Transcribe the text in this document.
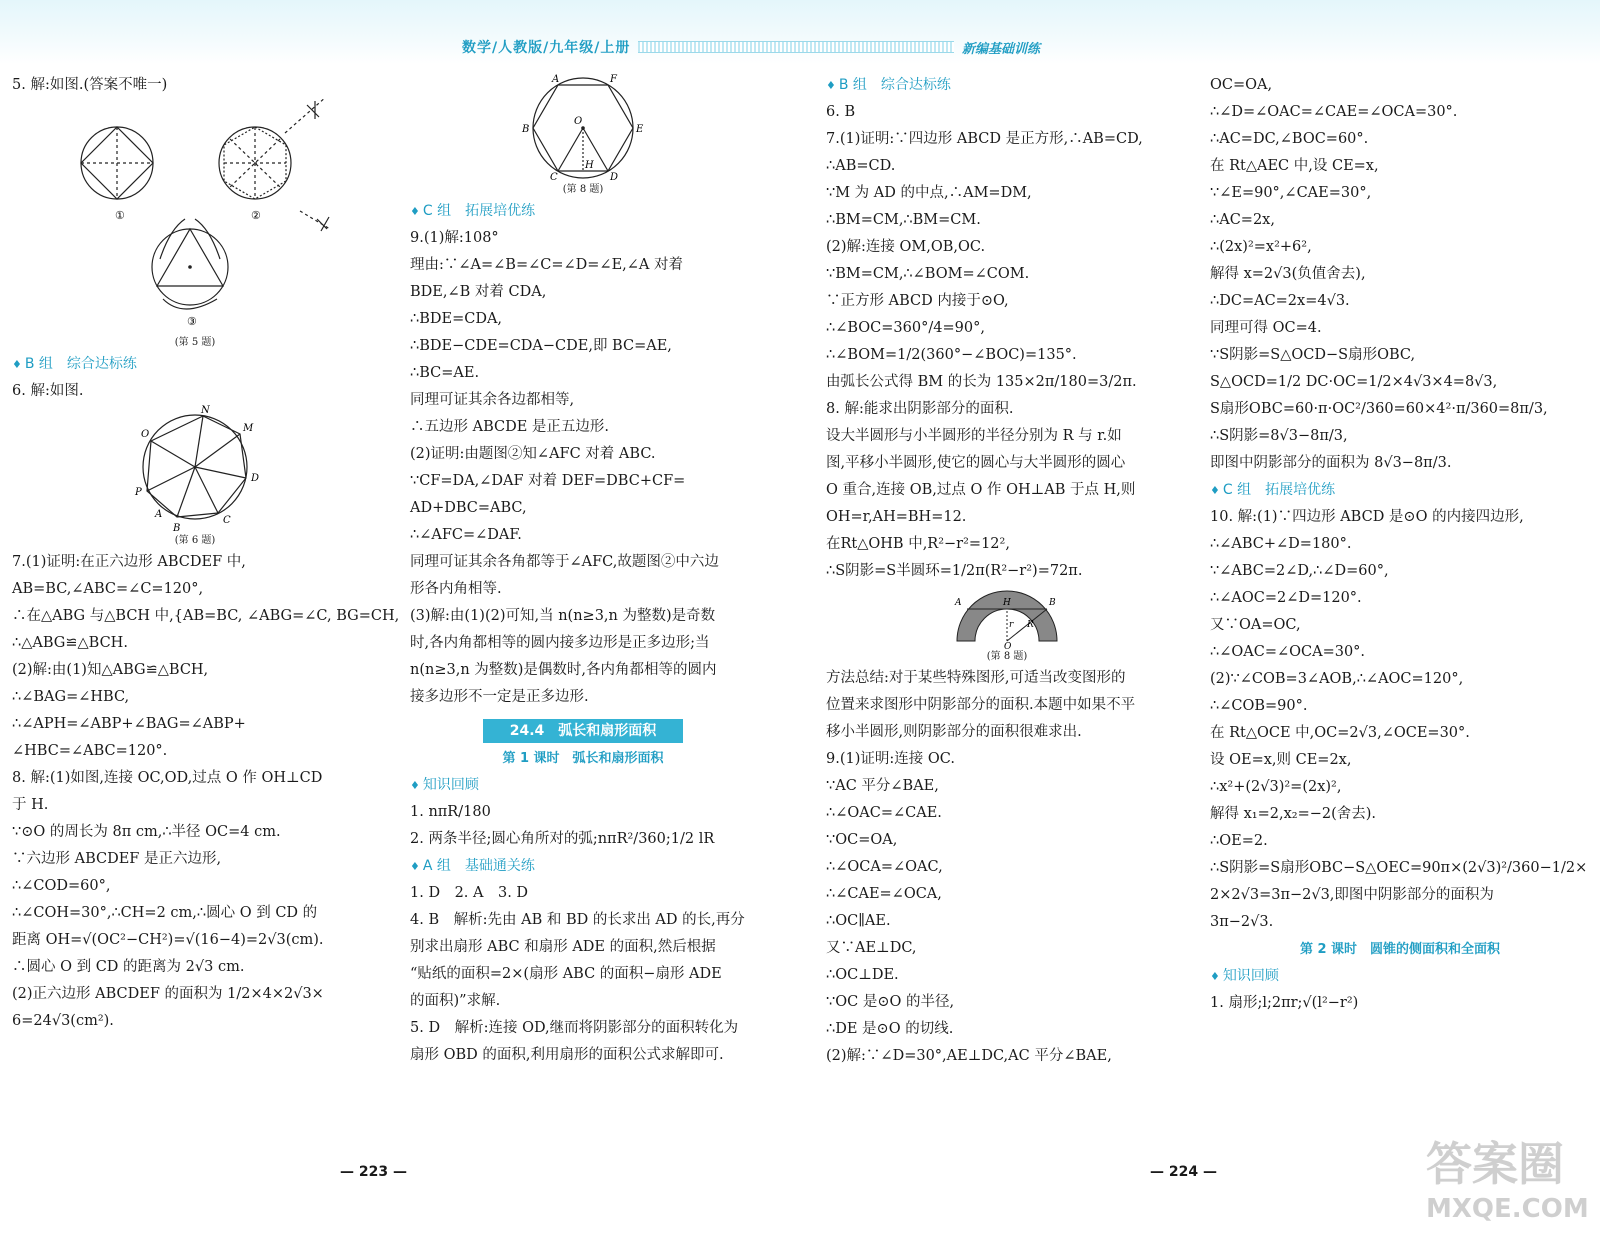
数学/人教版/九年级/上册	新编基础训练

5. 解:如图.(答案不唯一)

①	②
③

(第 5 题)

♦ B 组　综合达标练

6. 解:如图.

N
M
O
D
P
C
A
B

(第 6 题)

7.(1)证明:在正六边形 ABCDEF 中,

AB=BC,∠ABC=∠C=120°,

∴在△ABG 与△BCH 中,{AB=BC, ∠ABG=∠C, BG=CH,

∴△ABG≌△BCH.

(2)解:由(1)知△ABG≌△BCH,

∴∠BAG=∠HBC,

∴∠APH=∠ABP+∠BAG=∠ABP+

∠HBC=∠ABC=120°.

8. 解:(1)如图,连接 OC,OD,过点 O 作 OH⊥CD

于 H.

∵⊙O 的周长为 8π cm,∴半径 OC=4 cm.

∵六边形 ABCDEF 是正六边形,

∴∠COD=60°,

∴∠COH=30°,∴CH=2 cm,∴圆心 O 到 CD 的

距离 OH=√(OC²−CH²)=√(16−4)=2√3(cm).

∴圆心 O 到 CD 的距离为 2√3 cm.

(2)正六边形 ABCDEF 的面积为 1/2×4×2√3×

6=24√3(cm²).

A	F
O
B	E
C
H
D

(第 8 题)

♦ C 组　拓展培优练

9.(1)解:108°

理由:∵∠A=∠B=∠C=∠D=∠E,∠A 对着

BDE,∠B 对着 CDA,

∴BDE=CDA,

∴BDE−CDE=CDA−CDE,即 BC=AE,

∴BC=AE.

同理可证其余各边都相等,

∴五边形 ABCDE 是正五边形.

(2)证明:由题图②知∠AFC 对着 ABC.

∵CF=DA,∠DAF 对着 DEF=DBC+CF=

AD+DBC=ABC,

∴∠AFC=∠DAF.

同理可证其余各角都等于∠AFC,故题图②中六边

形各内角相等.

(3)解:由(1)(2)可知,当 n(n≥3,n 为整数)是奇数

时,各内角都相等的圆内接多边形是正多边形;当

n(n≥3,n 为整数)是偶数时,各内角都相等的圆内

接多边形不一定是正多边形.

24.4　弧长和扇形面积

第 1 课时　弧长和扇形面积

♦ 知识回顾

1. nπR/180

2. 两条半径;圆心角所对的弧;nπR²/360;1/2 lR

♦ A 组　基础通关练

1. D　2. A　3. D

4. B　解析:先由 AB 和 BD 的长求出 AD 的长,再分

别求出扇形 ABC 和扇形 ADE 的面积,然后根据

“贴纸的面积=2×(扇形 ABC 的面积−扇形 ADE

的面积)”求解.

5. D　解析:连接 OD,继而将阴影部分的面积转化为

扇形 OBD 的面积,利用扇形的面积公式求解即可.

♦ B 组　综合达标练

6. B

7.(1)证明:∵四边形 ABCD 是正方形,∴AB=CD,

∴AB=CD.

∵M 为 AD 的中点,∴AM=DM,

∴BM=CM,∴BM=CM.

(2)解:连接 OM,OB,OC.

∵BM=CM,∴∠BOM=∠COM.

∵正方形 ABCD 内接于⊙O,

∴∠BOC=360°/4=90°,

∴∠BOM=1/2(360°−∠BOC)=135°.

由弧长公式得 BM 的长为 135×2π/180=3/2π.

8. 解:能求出阴影部分的面积.

设大半圆形与小半圆形的半径分别为 R 与 r.如

图,平移小半圆形,使它的圆心与大半圆形的圆心

O 重合,连接 OB,过点 O 作 OH⊥AB 于点 H,则

OH=r,AH=BH=12.

在Rt△OHB 中,R²−r²=12²,

∴S阴影=S半圆环=1/2π(R²−r²)=72π.

A	H	B
R
r
O

(第 8 题)

方法总结:对于某些特殊图形,可适当改变图形的

位置来求图形中阴影部分的面积.本题中如果不平

移小半圆形,则阴影部分的面积很难求出.

9.(1)证明:连接 OC.

∵AC 平分∠BAE,

∴∠OAC=∠CAE.

∵OC=OA,

∴∠OCA=∠OAC,

∴∠CAE=∠OCA,

∴OC∥AE.

又∵AE⊥DC,

∴OC⊥DE.

∵OC 是⊙O 的半径,

∴DE 是⊙O 的切线.

(2)解:∵∠D=30°,AE⊥DC,AC 平分∠BAE,

OC=OA,

∴∠D=∠OAC=∠CAE=∠OCA=30°.

∴AC=DC,∠BOC=60°.

在 Rt△AEC 中,设 CE=x,

∵∠E=90°,∠CAE=30°,

∴AC=2x,

∴(2x)²=x²+6²,

解得 x=2√3(负值舍去),

∴DC=AC=2x=4√3.

同理可得 OC=4.

∵S阴影=S△OCD−S扇形OBC,

S△OCD=1/2 DC·OC=1/2×4√3×4=8√3,

S扇形OBC=60·π·OC²/360=60×4²·π/360=8π/3,

∴S阴影=8√3−8π/3,

即图中阴影部分的面积为 8√3−8π/3.

♦ C 组　拓展培优练

10. 解:(1)∵四边形 ABCD 是⊙O 的内接四边形,

∴∠ABC+∠D=180°.

∵∠ABC=2∠D,∴∠D=60°,

∴∠AOC=2∠D=120°.

又∵OA=OC,

∴∠OAC=∠OCA=30°.

(2)∵∠COB=3∠AOB,∴∠AOC=120°,

∴∠COB=90°.

在 Rt△OCE 中,OC=2√3,∠OCE=30°.

设 OE=x,则 CE=2x,

∴x²+(2√3)²=(2x)²,

解得 x₁=2,x₂=−2(舍去).

∴OE=2.

∴S阴影=S扇形OBC−S△OEC=90π×(2√3)²/360−1/2×

2×2√3=3π−2√3,即图中阴影部分的面积为

3π−2√3.

第 2 课时　圆锥的侧面积和全面积

♦ 知识回顾

1. 扇形;l;2πr;√(l²−r²)

— 223 —	— 224 —	答案圈
MXQE.COM
